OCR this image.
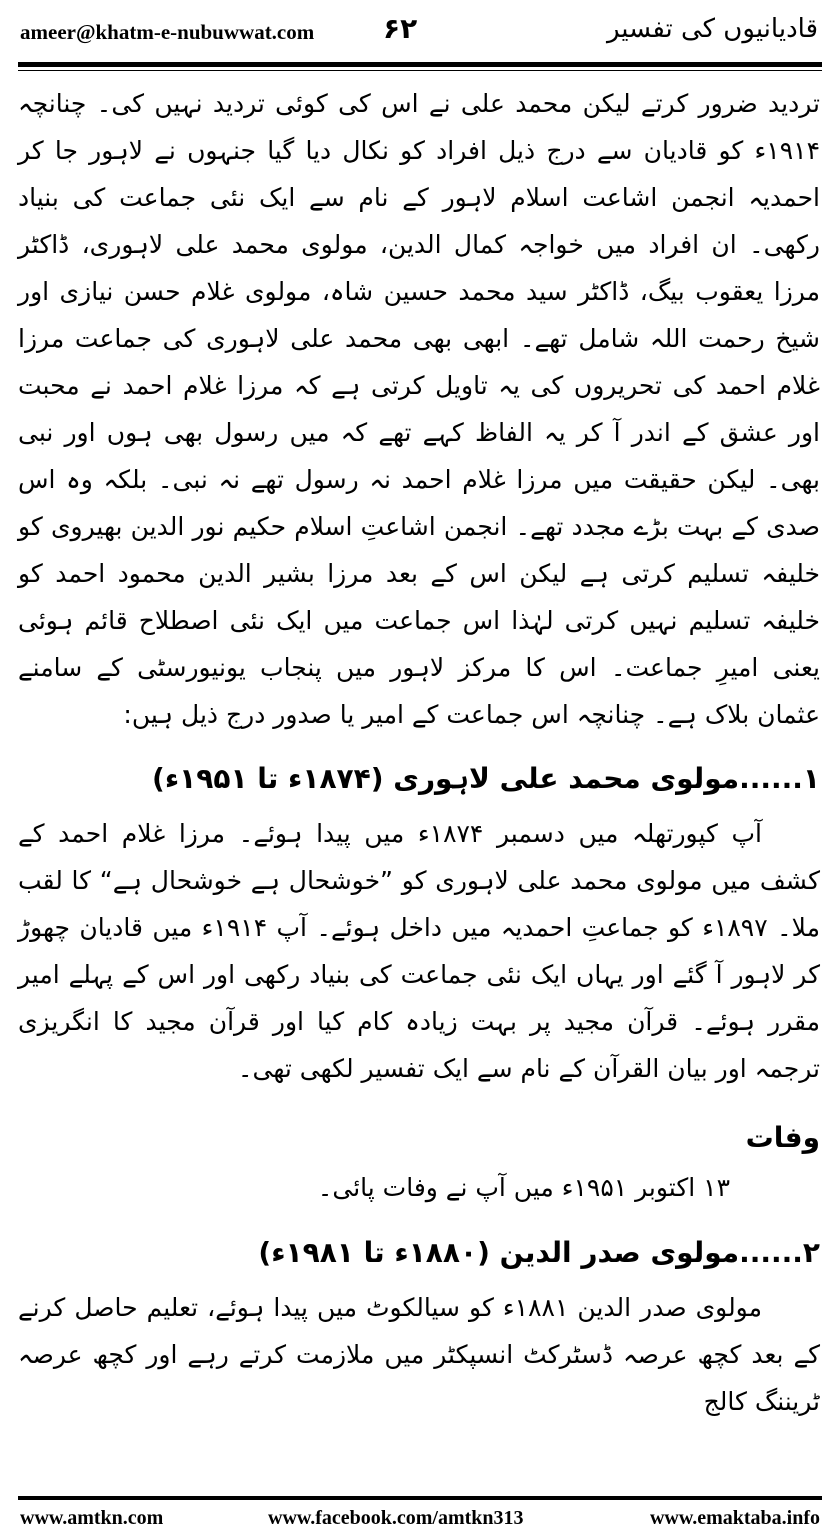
ameer@khatm-e-nubuwwat.com ۶۲	قادیانیوں کی تفسیر

تردید ضرور کرتے لیکن محمد علی نے اس کی کوئی تردید نہیں کی۔ چنانچہ ۱۹۱۴ء کو قادیان سے درج ذیل افراد کو نکال دیا گیا جنہوں نے لاہور جا کر احمدیہ انجمن اشاعت اسلام لاہور کے نام سے ایک نئی جماعت کی بنیاد رکھی۔ ان افراد میں خواجہ کمال الدین، مولوی محمد علی لاہوری، ڈاکٹر مرزا یعقوب بیگ، ڈاکٹر سید محمد حسین شاہ، مولوی غلام حسن نیازی اور شیخ رحمت اللہ شامل تھے۔ ابھی بھی محمد علی لاہوری کی جماعت مرزا غلام احمد کی تحریروں کی یہ تاویل کرتی ہے کہ مرزا غلام احمد نے محبت اور عشق کے اندر آ کر یہ الفاظ کہے تھے کہ میں رسول بھی ہوں اور نبی بھی۔ لیکن حقیقت میں مرزا غلام احمد نہ رسول تھے نہ نبی۔ بلکہ وہ اس صدی کے بہت بڑے مجدد تھے۔ انجمن اشاعتِ اسلام حکیم نور الدین بھیروی کو خلیفہ تسلیم کرتی ہے لیکن اس کے بعد مرزا بشیر الدین محمود احمد کو خلیفہ تسلیم نہیں کرتی لہٰذا اس جماعت میں ایک نئی اصطلاح قائم ہوئی یعنی امیرِ جماعت۔ اس کا مرکز لاہور میں پنجاب یونیورسٹی کے سامنے عثمان بلاک ہے۔ چنانچہ اس جماعت کے امیر یا صدور درج ذیل ہیں:

۱......مولوی محمد علی لاہوری (۱۸۷۴ء تا ۱۹۵۱ء)

آپ کپورتھلہ میں دسمبر ۱۸۷۴ء میں پیدا ہوئے۔ مرزا غلام احمد کے کشف میں مولوی محمد علی لاہوری کو ”خوشحال ہے خوشحال ہے“ کا لقب ملا۔ ۱۸۹۷ء کو جماعتِ احمدیہ میں داخل ہوئے۔ آپ ۱۹۱۴ء میں قادیان چھوڑ کر لاہور آ گئے اور یہاں ایک نئی جماعت کی بنیاد رکھی اور اس کے پہلے امیر مقرر ہوئے۔ قرآن مجید پر بہت زیادہ کام کیا اور قرآن مجید کا انگریزی ترجمہ اور بیان القرآن کے نام سے ایک تفسیر لکھی تھی۔

وفات

۱۳ اکتوبر ۱۹۵۱ء میں آپ نے وفات پائی۔

۲......مولوی صدر الدین (۱۸۸۰ء تا ۱۹۸۱ء)

مولوی صدر الدین ۱۸۸۱ء کو سیالکوٹ میں پیدا ہوئے، تعلیم حاصل کرنے کے بعد کچھ عرصہ ڈسٹرکٹ انسپکٹر میں ملازمت کرتے رہے اور کچھ عرصہ ٹریننگ کالج

www.amtkn.com	www.facebook.com/amtkn313	www.emaktaba.info
